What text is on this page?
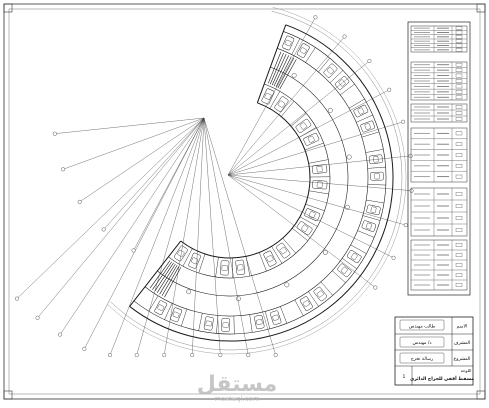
الاسم
طالب مهندس
المشرف
د/ مهندس
المشروع
رسالة تخرج
1
اللوحة
مسقط أفقي للجراج الدائري
مستقل
mostaql.com
